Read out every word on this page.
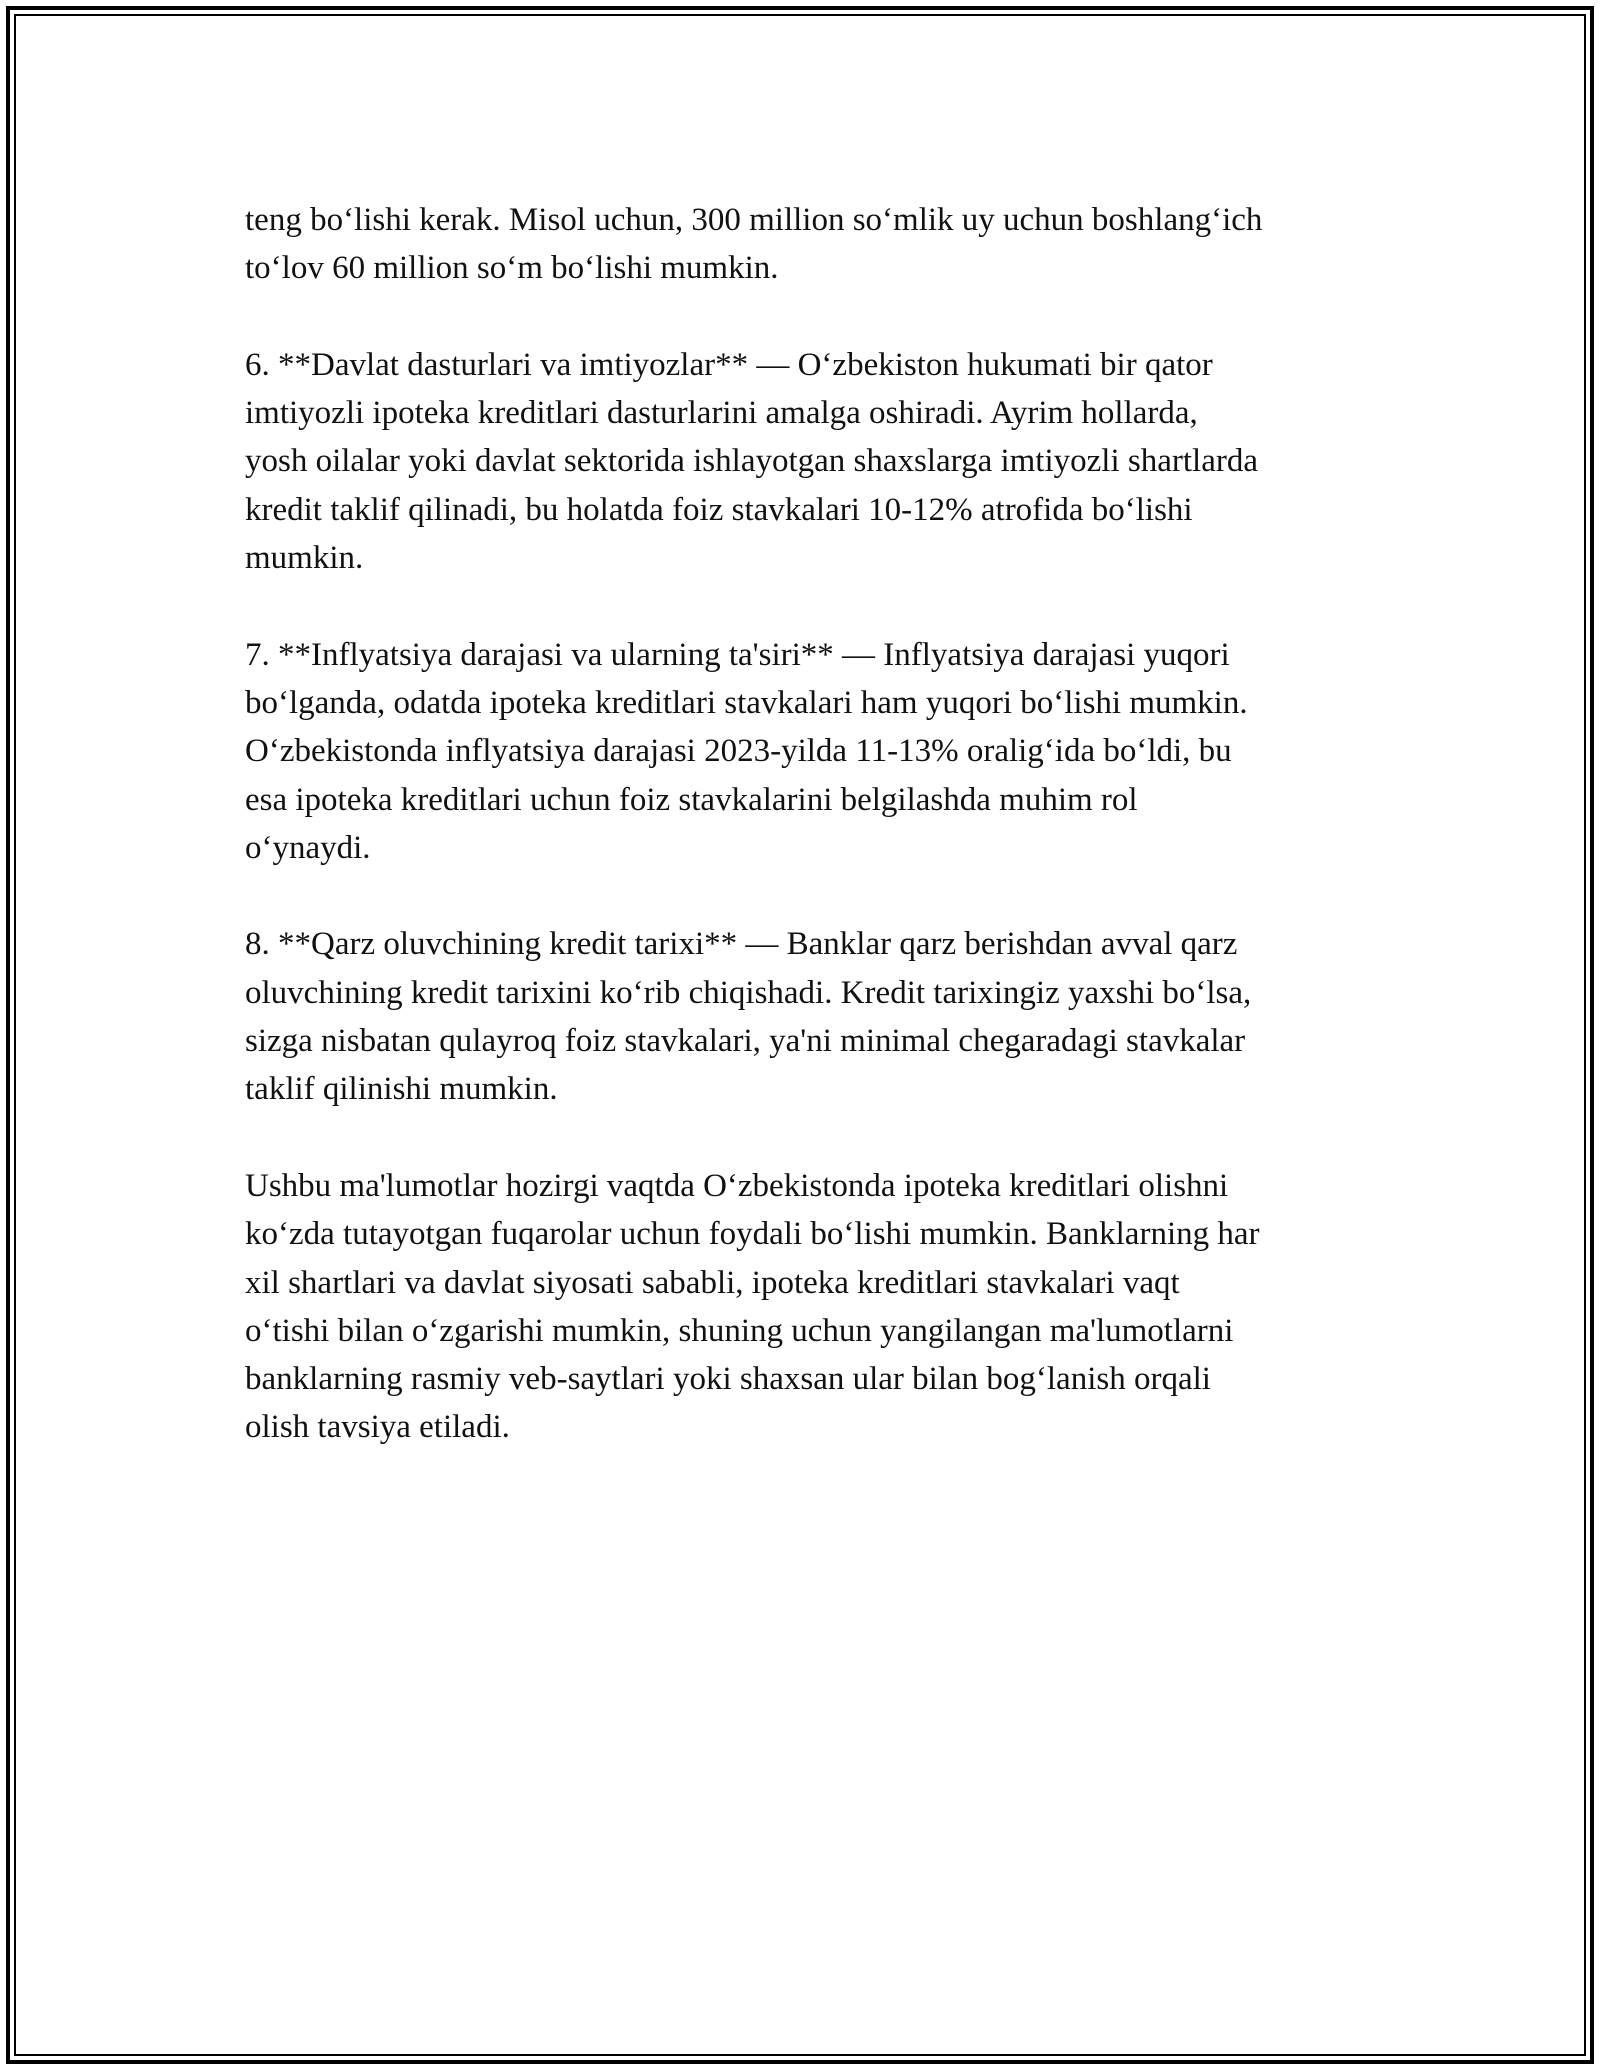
teng boʻlishi kerak. Misol uchun, 300 million soʻmlik uy uchun boshlangʻich
toʻlov 60 million soʻm boʻlishi mumkin.

6. **Davlat dasturlari va imtiyozlar** — Oʻzbekiston hukumati bir qator
imtiyozli ipoteka kreditlari dasturlarini amalga oshiradi. Ayrim hollarda,
yosh oilalar yoki davlat sektorida ishlayotgan shaxslarga imtiyozli shartlarda
kredit taklif qilinadi, bu holatda foiz stavkalari 10-12% atrofida boʻlishi
mumkin.

7. **Inflyatsiya darajasi va ularning ta'siri** — Inflyatsiya darajasi yuqori
boʻlganda, odatda ipoteka kreditlari stavkalari ham yuqori boʻlishi mumkin.
Oʻzbekistonda inflyatsiya darajasi 2023-yilda 11-13% oraligʻida boʻldi, bu
esa ipoteka kreditlari uchun foiz stavkalarini belgilashda muhim rol
oʻynaydi.

8. **Qarz oluvchining kredit tarixi** — Banklar qarz berishdan avval qarz
oluvchining kredit tarixini koʻrib chiqishadi. Kredit tarixingiz yaxshi boʻlsa,
sizga nisbatan qulayroq foiz stavkalari, ya'ni minimal chegaradagi stavkalar
taklif qilinishi mumkin.

Ushbu ma'lumotlar hozirgi vaqtda Oʻzbekistonda ipoteka kreditlari olishni
koʻzda tutayotgan fuqarolar uchun foydali boʻlishi mumkin. Banklarning har
xil shartlari va davlat siyosati sababli, ipoteka kreditlari stavkalari vaqt
oʻtishi bilan oʻzgarishi mumkin, shuning uchun yangilangan ma'lumotlarni
banklarning rasmiy veb-saytlari yoki shaxsan ular bilan bogʻlanish orqali
olish tavsiya etiladi.
